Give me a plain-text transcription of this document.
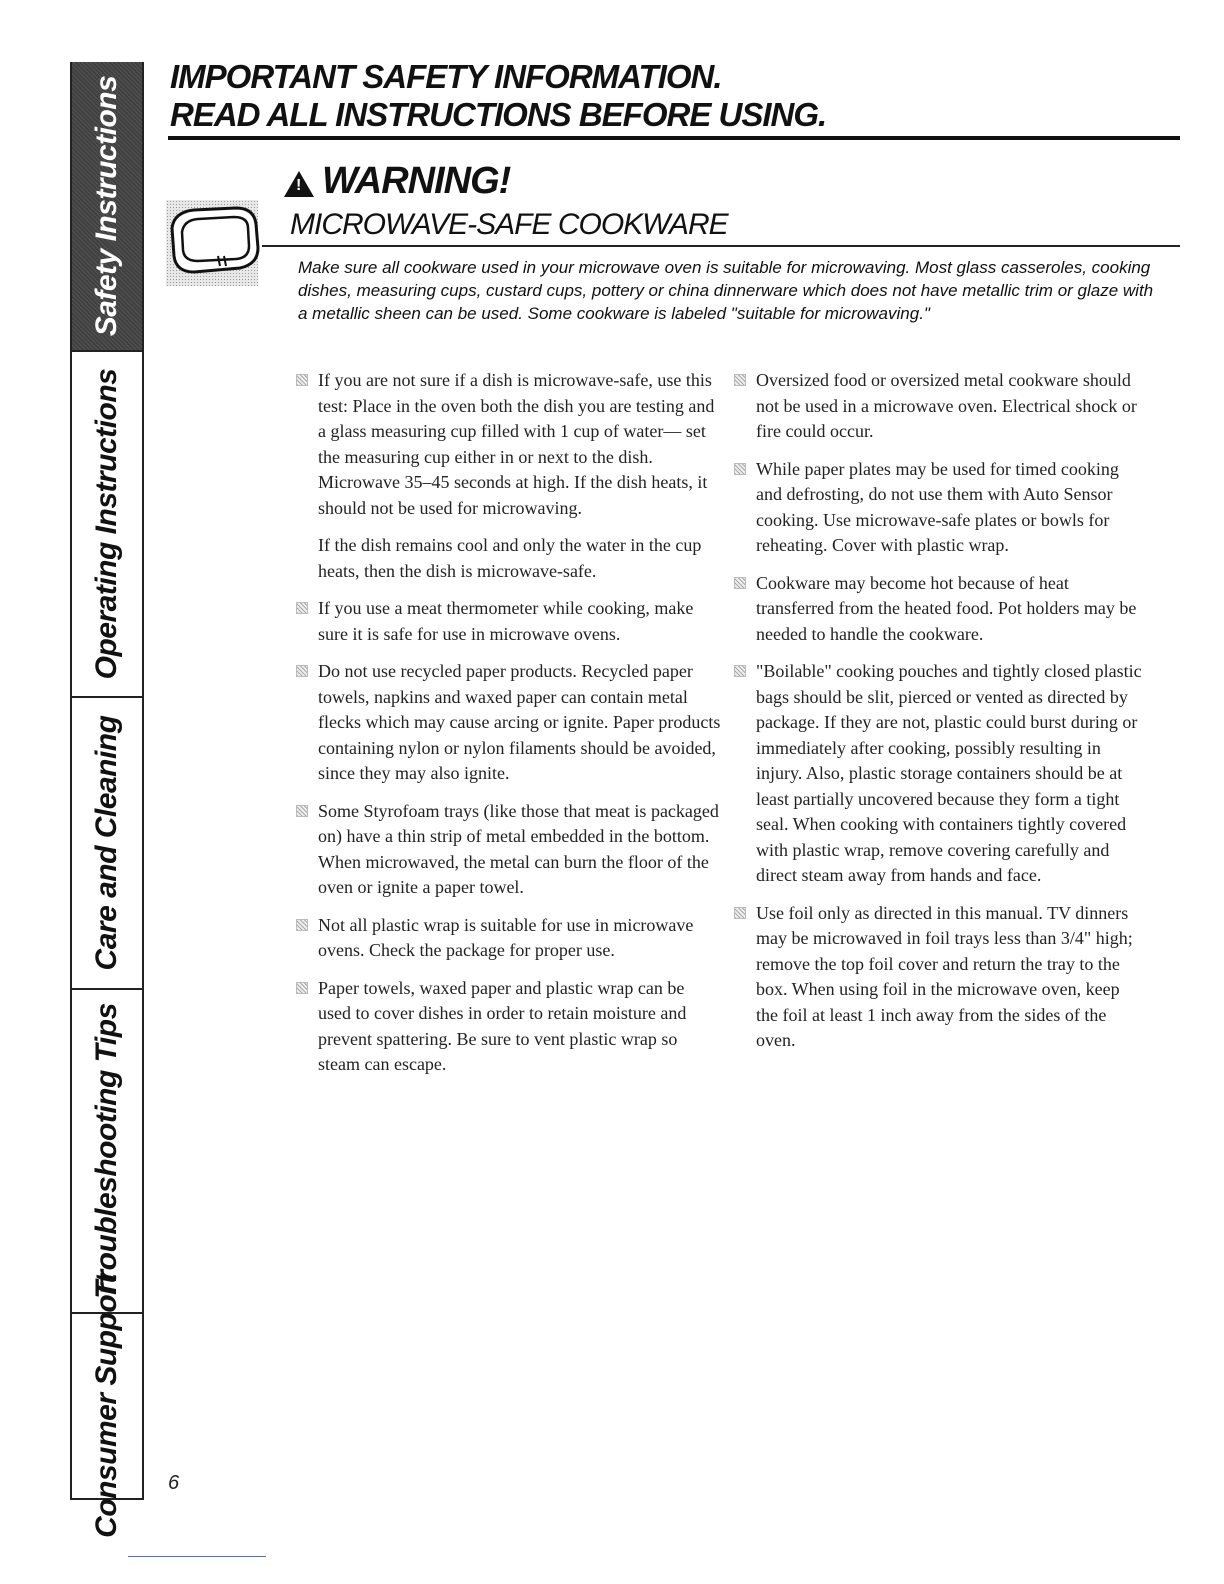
Safety Instructions
Operating Instructions
Care and Cleaning
Troubleshooting Tips
Consumer Support

IMPORTANT SAFETY INFORMATION.

READ ALL INSTRUCTIONS BEFORE USING.

! WARNING!
MICROWAVE-SAFE COOKWARE

Make sure all cookware used in your microwave oven is suitable for microwaving. Most glass casseroles, cooking dishes, measuring cups, custard cups, pottery or china dinnerware which does not have metallic trim or glaze with a metallic sheen can be used. Some cookware is labeled "suitable for microwaving."

If you are not sure if a dish is microwave-safe, use this test: Place in the oven both the dish you are testing and a glass measuring cup filled with 1 cup of water— set the measuring cup either in or next to the dish. Microwave 35–45 seconds at high. If the dish heats, it should not be used for microwaving.

If the dish remains cool and only the water in the cup heats, then the dish is microwave-safe.

If you use a meat thermometer while cooking, make sure it is safe for use in microwave ovens.

Do not use recycled paper products. Recycled paper towels, napkins and waxed paper can contain metal flecks which may cause arcing or ignite. Paper products containing nylon or nylon filaments should be avoided, since they may also ignite.

Some Styrofoam trays (like those that meat is packaged on) have a thin strip of metal embedded in the bottom. When microwaved, the metal can burn the floor of the oven or ignite a paper towel.

Not all plastic wrap is suitable for use in microwave ovens. Check the package for proper use.

Paper towels, waxed paper and plastic wrap can be used to cover dishes in order to retain moisture and prevent spattering. Be sure to vent plastic wrap so steam can escape.

Oversized food or oversized metal cookware should not be used in a microwave oven. Electrical shock or fire could occur.

While paper plates may be used for timed cooking and defrosting, do not use them with Auto Sensor cooking. Use microwave-safe plates or bowls for reheating. Cover with plastic wrap.

Cookware may become hot because of heat transferred from the heated food. Pot holders may be needed to handle the cookware.

"Boilable" cooking pouches and tightly closed plastic bags should be slit, pierced or vented as directed by package. If they are not, plastic could burst during or immediately after cooking, possibly resulting in injury. Also, plastic storage containers should be at least partially uncovered because they form a tight seal. When cooking with containers tightly covered with plastic wrap, remove covering carefully and direct steam away from hands and face.

Use foil only as directed in this manual. TV dinners may be microwaved in foil trays less than 3/4" high; remove the top foil cover and return the tray to the box. When using foil in the microwave oven, keep the foil at least 1 inch away from the sides of the oven.

6
